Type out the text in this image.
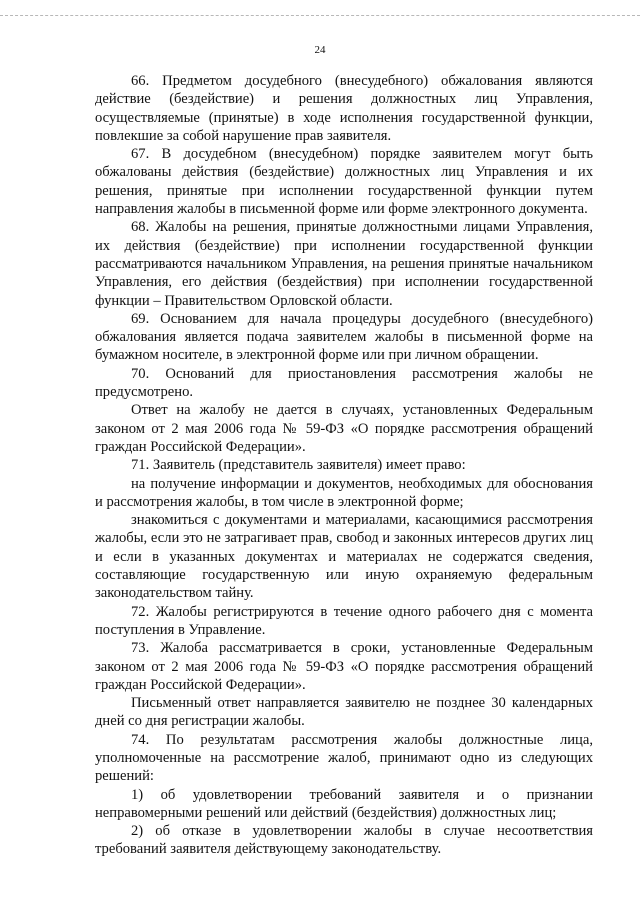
24

66. Предметом досудебного (внесудебного) обжалования являются действие (бездействие) и решения должностных лиц Управления, осуществляемые (принятые) в ходе исполнения государственной функции, повлекшие за собой нарушение прав заявителя.

67. В досудебном (внесудебном) порядке заявителем могут быть обжалованы действия (бездействие) должностных лиц Управления и их решения, принятые при исполнении государственной функции путем направления жалобы в письменной форме или форме электронного документа.

68. Жалобы на решения, принятые должностными лицами Управления, их действия (бездействие) при исполнении государственной функции рассматриваются начальником Управления, на решения принятые начальником Управления, его действия (бездействия) при исполнении государственной функции – Правительством Орловской области.

69. Основанием для начала процедуры досудебного (внесудебного) обжалования является подача заявителем жалобы в письменной форме на бумажном носителе, в электронной форме или при личном обращении.

70. Оснований для приостановления рассмотрения жалобы не предусмотрено.

Ответ на жалобу не дается в случаях, установленных Федеральным законом от 2 мая 2006 года № 59-ФЗ «О порядке рассмотрения обращений граждан Российской Федерации».

71. Заявитель (представитель заявителя) имеет право:

на получение информации и документов, необходимых для обоснования и рассмотрения жалобы, в том числе в электронной форме;

знакомиться с документами и материалами, касающимися рассмотрения жалобы, если это не затрагивает прав, свобод и законных интересов других лиц и если в указанных документах и материалах не содержатся сведения, составляющие государственную или иную охраняемую федеральным законодательством тайну.

72. Жалобы регистрируются в течение одного рабочего дня с момента поступления в Управление.

73. Жалоба рассматривается в сроки, установленные Федеральным законом от 2 мая 2006 года № 59-ФЗ «О порядке рассмотрения обращений граждан Российской Федерации».

Письменный ответ направляется заявителю не позднее 30 календарных дней со дня регистрации жалобы.

74. По результатам рассмотрения жалобы должностные лица, уполномоченные на рассмотрение жалоб, принимают одно из следующих решений:

1) об удовлетворении требований заявителя и о признании неправомерными решений или действий (бездействия) должностных лиц;

2) об отказе в удовлетворении жалобы в случае несоответствия требований заявителя действующему законодательству.
